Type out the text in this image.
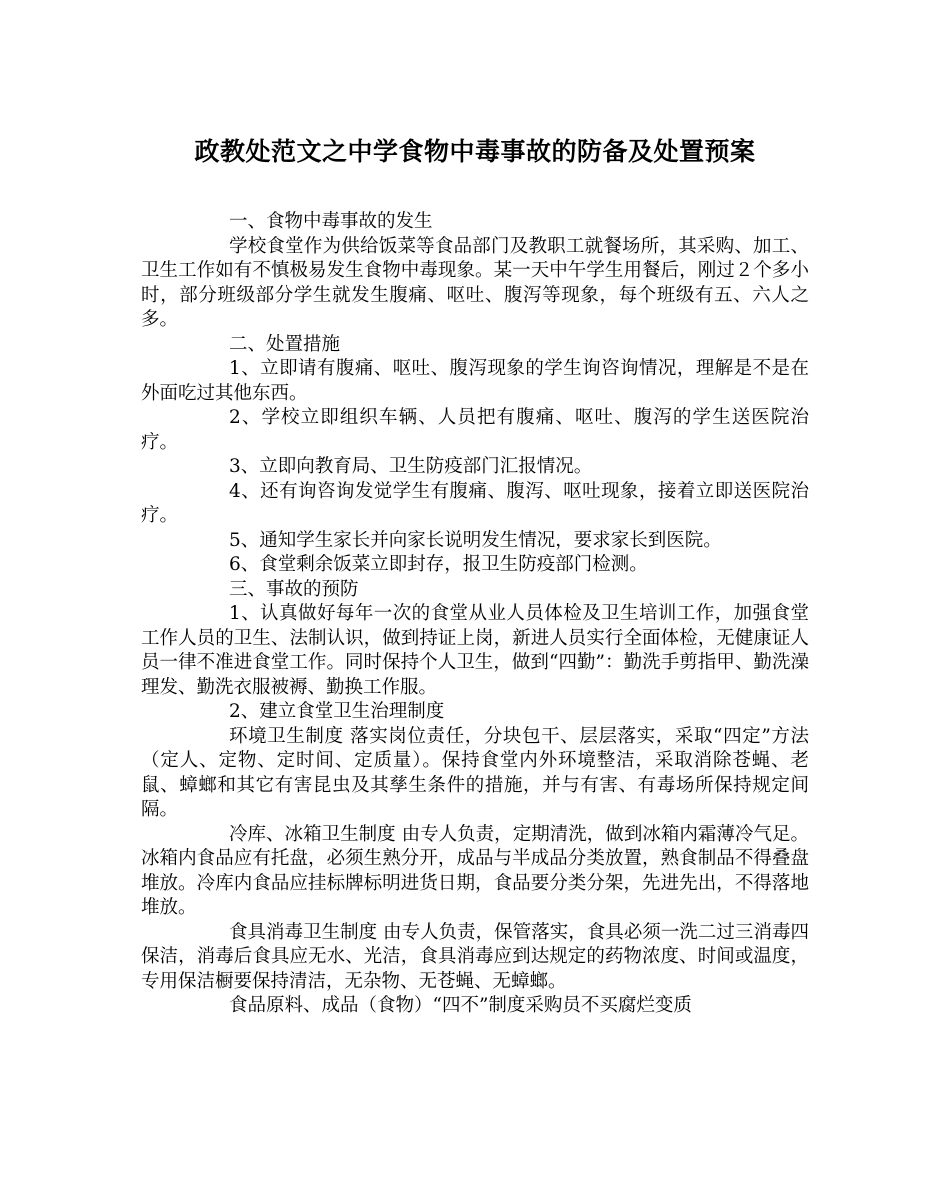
政教处范文之中学食物中毒事故的防备及处置预案

一、食物中毒事故的发生

学校食堂作为供给饭菜等食品部门及教职工就餐场所，其采购、加工、卫生工作如有不慎极易发生食物中毒现象。某一天中午学生用餐后，刚过２个多小时，部分班级部分学生就发生腹痛、呕吐、腹泻等现象，每个班级有五、六人之多。

二、处置措施

1、立即请有腹痛、呕吐、腹泻现象的学生询咨询情况，理解是不是在外面吃过其他东西。

2、学校立即组织车辆、人员把有腹痛、呕吐、腹泻的学生送医院治疗。

3、立即向教育局、卫生防疫部门汇报情况。

4、还有询咨询发觉学生有腹痛、腹泻、呕吐现象，接着立即送医院治疗。

5、通知学生家长并向家长说明发生情况，要求家长到医院。

6、食堂剩余饭菜立即封存，报卫生防疫部门检测。

三、事故的预防

1、认真做好每年一次的食堂从业人员体检及卫生培训工作，加强食堂工作人员的卫生、法制认识，做到持证上岗，新进人员实行全面体检，无健康证人员一律不准进食堂工作。同时保持个人卫生，做到“四勤”：勤洗手剪指甲、勤洗澡理发、勤洗衣服被褥、勤换工作服。

2、建立食堂卫生治理制度

环境卫生制度 落实岗位责任，分块包干、层层落实，采取“四定”方法（定人、定物、定时间、定质量）。保持食堂内外环境整洁，采取消除苍蝇、老鼠、蟑螂和其它有害昆虫及其孳生条件的措施，并与有害、有毒场所保持规定间隔。

冷库、冰箱卫生制度 由专人负责，定期清洗，做到冰箱内霜薄冷气足。冰箱内食品应有托盘，必须生熟分开，成品与半成品分类放置，熟食制品不得叠盘堆放。冷库内食品应挂标牌标明进货日期，食品要分类分架，先进先出，不得落地堆放。

食具消毒卫生制度 由专人负责，保管落实，食具必须一洗二过三消毒四保洁，消毒后食具应无水、光洁，食具消毒应到达规定的药物浓度、时间或温度，专用保洁橱要保持清洁，无杂物、无苍蝇、无蟑螂。

食品原料、成品（食物）“四不”制度采购员不买腐烂变质
